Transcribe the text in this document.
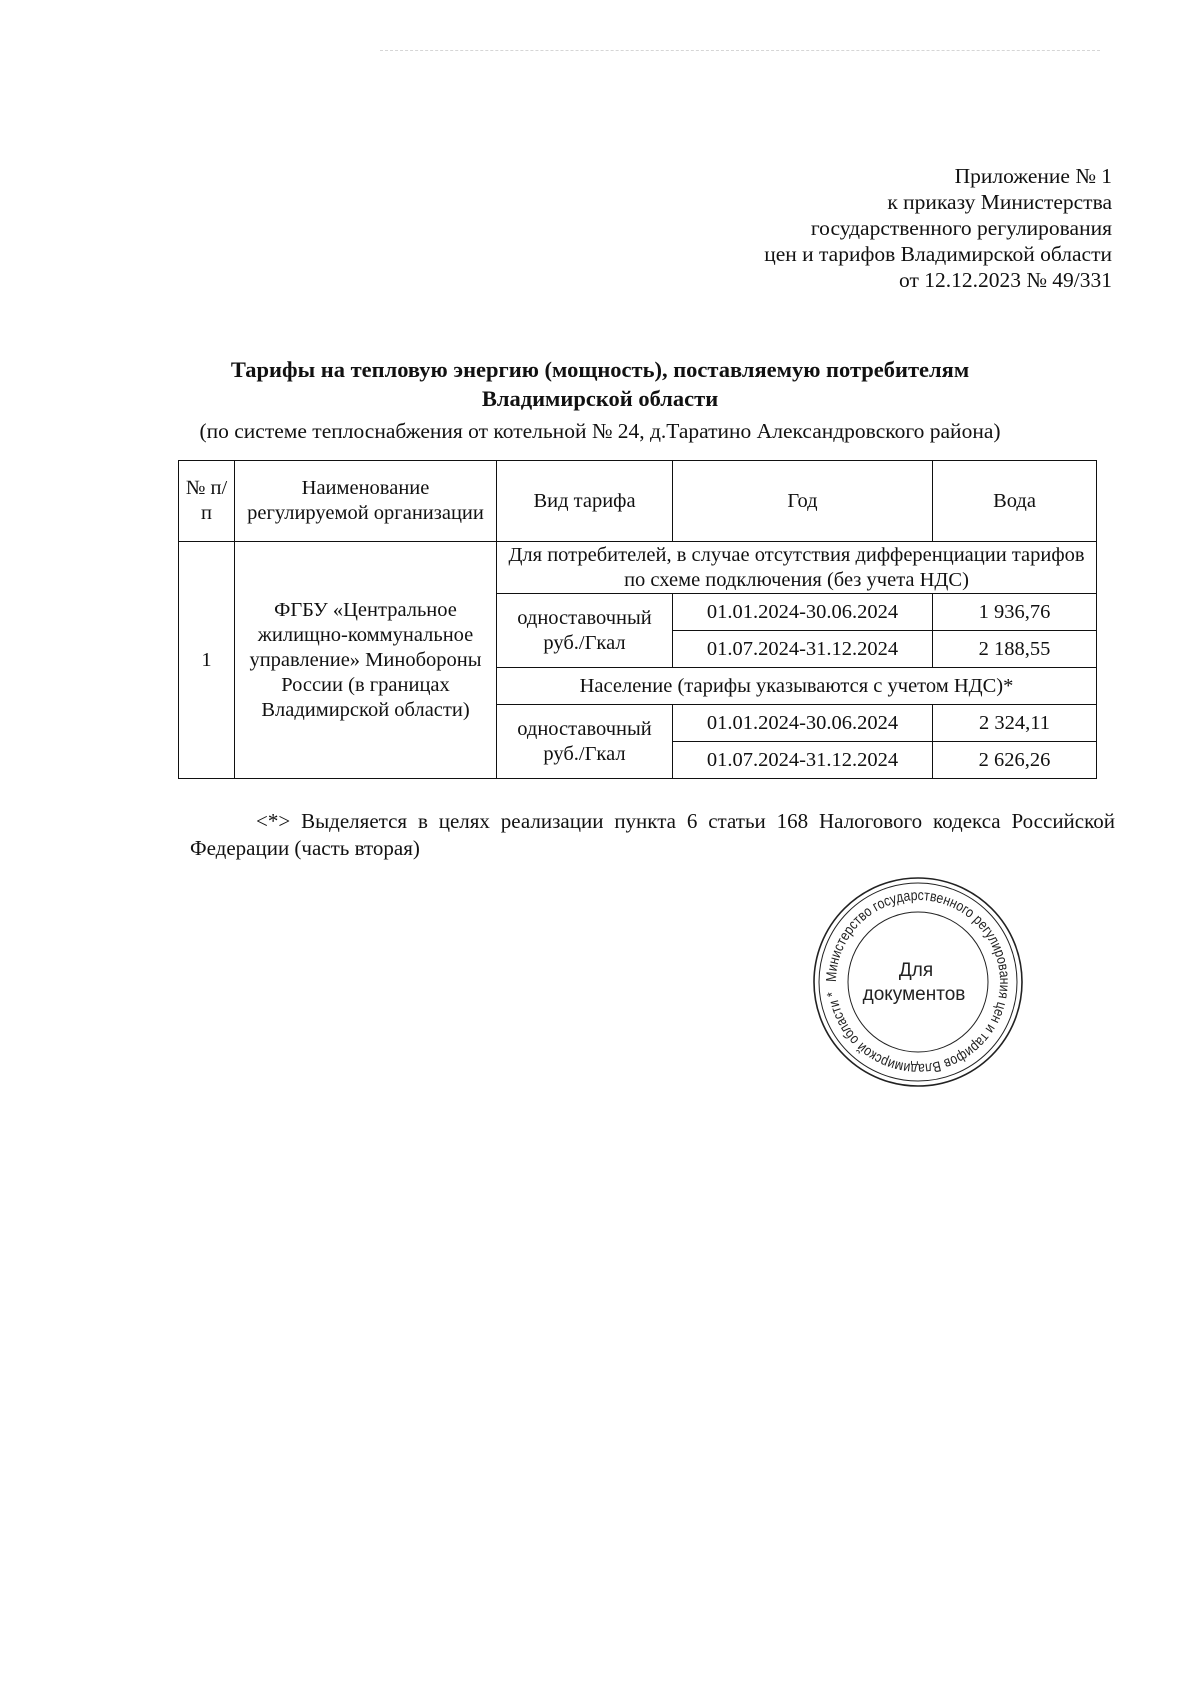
Приложение № 1
к приказу Министерства
государственного регулирования
цен и тарифов Владимирской области
от 12.12.2023 № 49/331
Тарифы на тепловую энергию (мощность), поставляемую потребителям
Владимирской области
(по системе теплоснабжения от котельной № 24, д.Таратино Александровского района)
№ п/п	Наименование регулируемой организации	Вид тарифа	Год	Вода
1	ФГБУ «Центральное жилищно-коммунальное управление» Минобороны России (в границах Владимирской области)	Для потребителей, в случае отсутствия дифференциации тарифов по схеме подключения (без учета НДС)		
		одноставочный руб./Гкал	01.01.2024-30.06.2024	1 936,76
			01.07.2024-31.12.2024	2 188,55
		Население (тарифы указываются с учетом НДС)*		
		одноставочный руб./Гкал	01.01.2024-30.06.2024	2 324,11
			01.07.2024-31.12.2024	2 626,26
<*> Выделяется в целях реализации пункта 6 статьи 168 Налогового кодекса Российской Федерации (часть вторая)
Министерство государственного регулирования цен и тарифов Владимирской области *
Для
документов
